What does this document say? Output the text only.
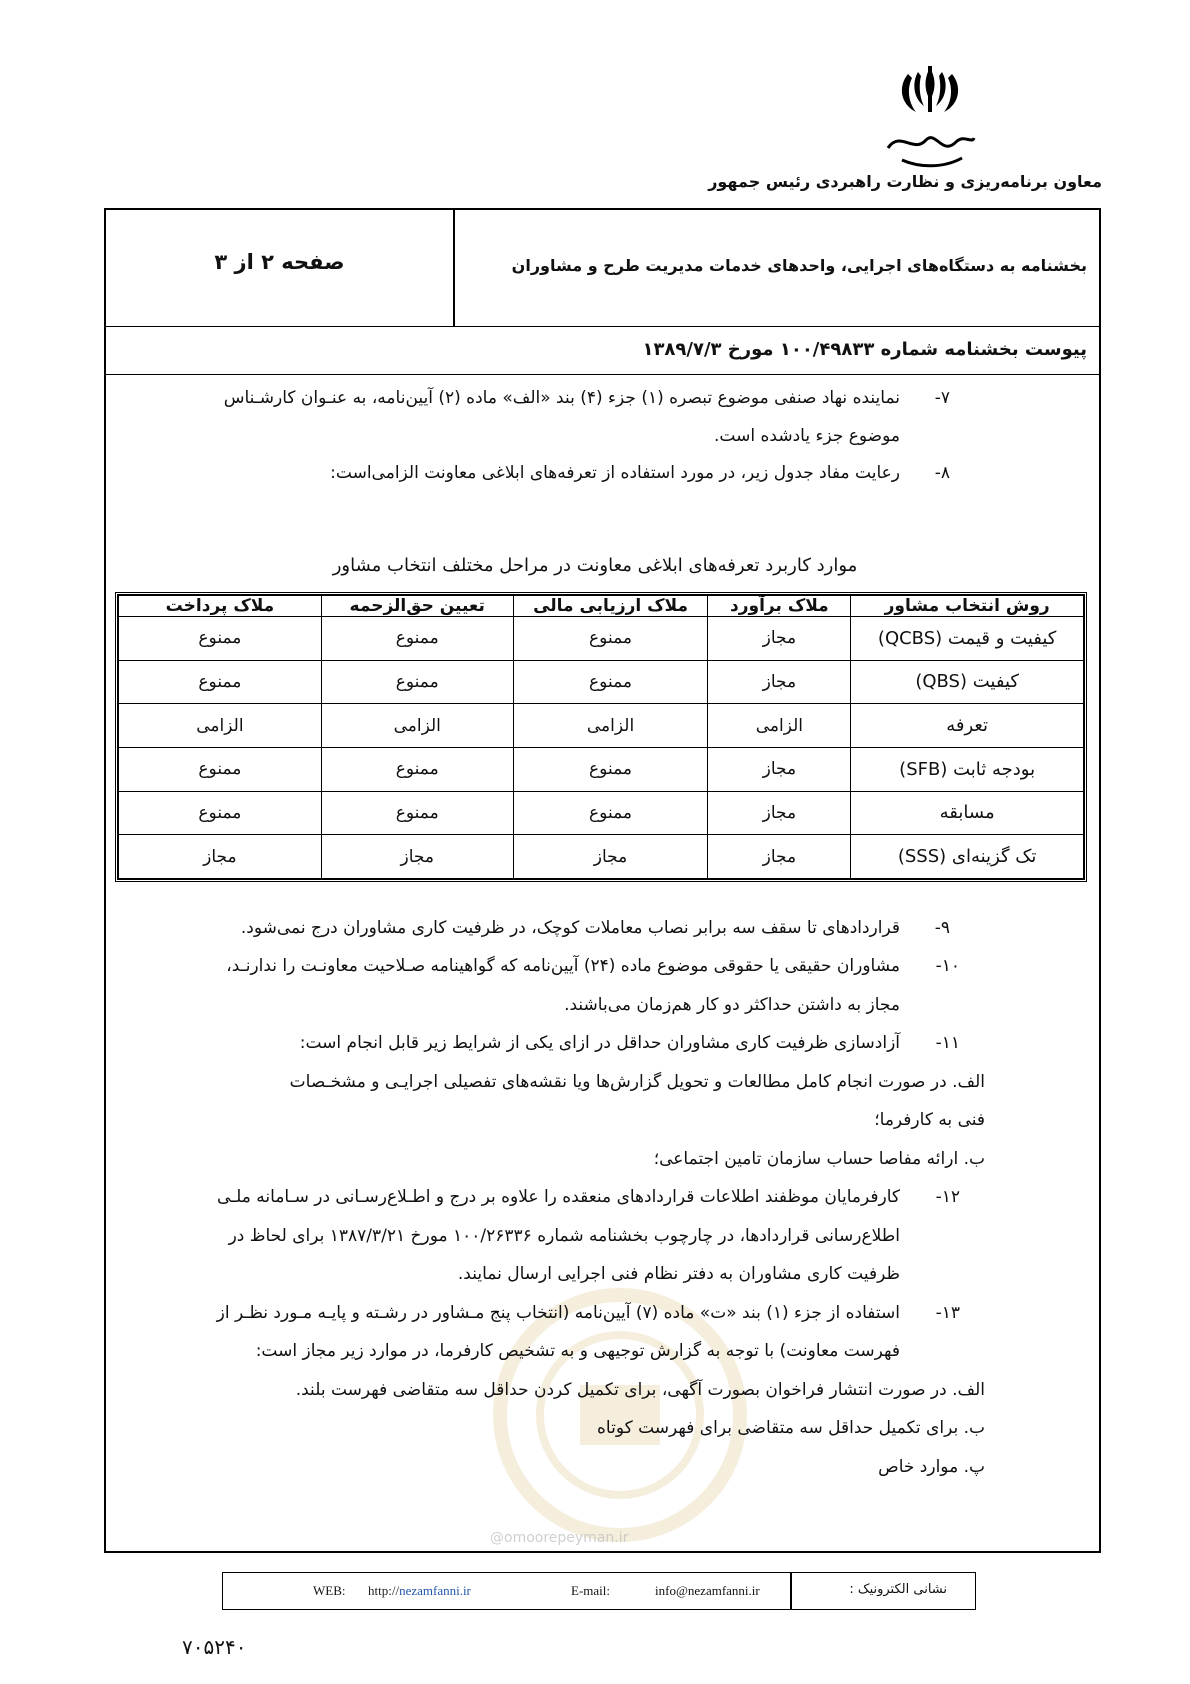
معاون برنامه‌ریزی و نظارت راهبردی رئیس جمهور
@omoorepeyman.ir
بخشنامه به دستگاه‌های اجرایی، واحدهای خدمات مدیریت طرح و مشاوران
صفحه ۲ از ۳
پیوست بخشنامه شماره ۱۰۰/۴۹۸۳۳ مورخ ۱۳۸۹/۷/۳
۷-
نماینده نهاد صنفی موضوع تبصره (۱) جزء (۴) بند «الف» ماده (۲) آیین‌نامه، به عنـوان کارشـناس
موضوع جزء یادشده است.
۸-
رعایت مفاد جدول زیر، در مورد استفاده از تعرفه‌های ابلاغی معاونت الزامی‌است:
موارد کاربرد تعرفه‌های ابلاغی معاونت در مراحل مختلف انتخاب مشاور
روش انتخاب مشاور	ملاک برآورد	ملاک ارزیابی مالی	تعیین حق‌الزحمه	ملاک پرداخت
کیفیت و قیمت (QCBS)	مجاز	ممنوع	ممنوع	ممنوع
کیفیت (QBS)	مجاز	ممنوع	ممنوع	ممنوع
تعرفه	الزامی	الزامی	الزامی	الزامی
بودجه ثابت (SFB)	مجاز	ممنوع	ممنوع	ممنوع
مسابقه	مجاز	ممنوع	ممنوع	ممنوع
تک گزینه‌ای (SSS)	مجاز	مجاز	مجاز	مجاز
۹-
قراردادهای تا سقف سه برابر نصاب معاملات کوچک، در ظرفیت کاری مشاوران درج نمی‌شود.
۱۰-
مشاوران حقیقی یا حقوقی موضوع ماده (۲۴) آیین‌نامه که گواهینامه صـلاحیت معاونـت را ندارنـد،
مجاز به داشتن حداکثر دو کار هم‌زمان می‌باشند.
۱۱-
آزادسازی ظرفیت کاری مشاوران حداقل در ازای یکی از شرایط زیر قابل انجام است:
الف. در صورت انجام کامل مطالعات و تحویل گزارش‌ها ویا نقشه‌های تفصیلی اجرایـی و مشخـصات
فنی به کارفرما؛
ب. ارائه مفاصا حساب سازمان تامین اجتماعی؛
۱۲-
کارفرمایان موظفند اطلاعات قراردادهای منعقده را علاوه بر درج و اطـلاع‌رسـانی در سـامانه ملـی
اطلاع‌رسانی قراردادها، در چارچوب بخشنامه شماره ۱۰۰/۲۶۳۳۶ مورخ ۱۳۸۷/۳/۲۱ برای لحاظ در
ظرفیت کاری مشاوران به دفتر نظام فنی اجرایی ارسال نمایند.
۱۳-
استفاده از جزء (۱) بند «ت» ماده (۷) آیین‌نامه (انتخاب پنج مـشاور در رشـته و پایـه مـورد نظـر از
فهرست معاونت) با توجه به گزارش توجیهی و به تشخیص کارفرما، در موارد زیر مجاز است:
الف. در صورت انتشار فراخوان بصورت آگهی، برای تکمیل کردن حداقل سه متقاضی فهرست بلند.
ب. برای تکمیل حداقل سه متقاضی برای فهرست کوتاه
پ. موارد خاص
WEB: http://nezamfanni.ir	E-mail:	info@nezamfanni.ir	نشانی الکترونیک :
۷۰۵۲۴۰
